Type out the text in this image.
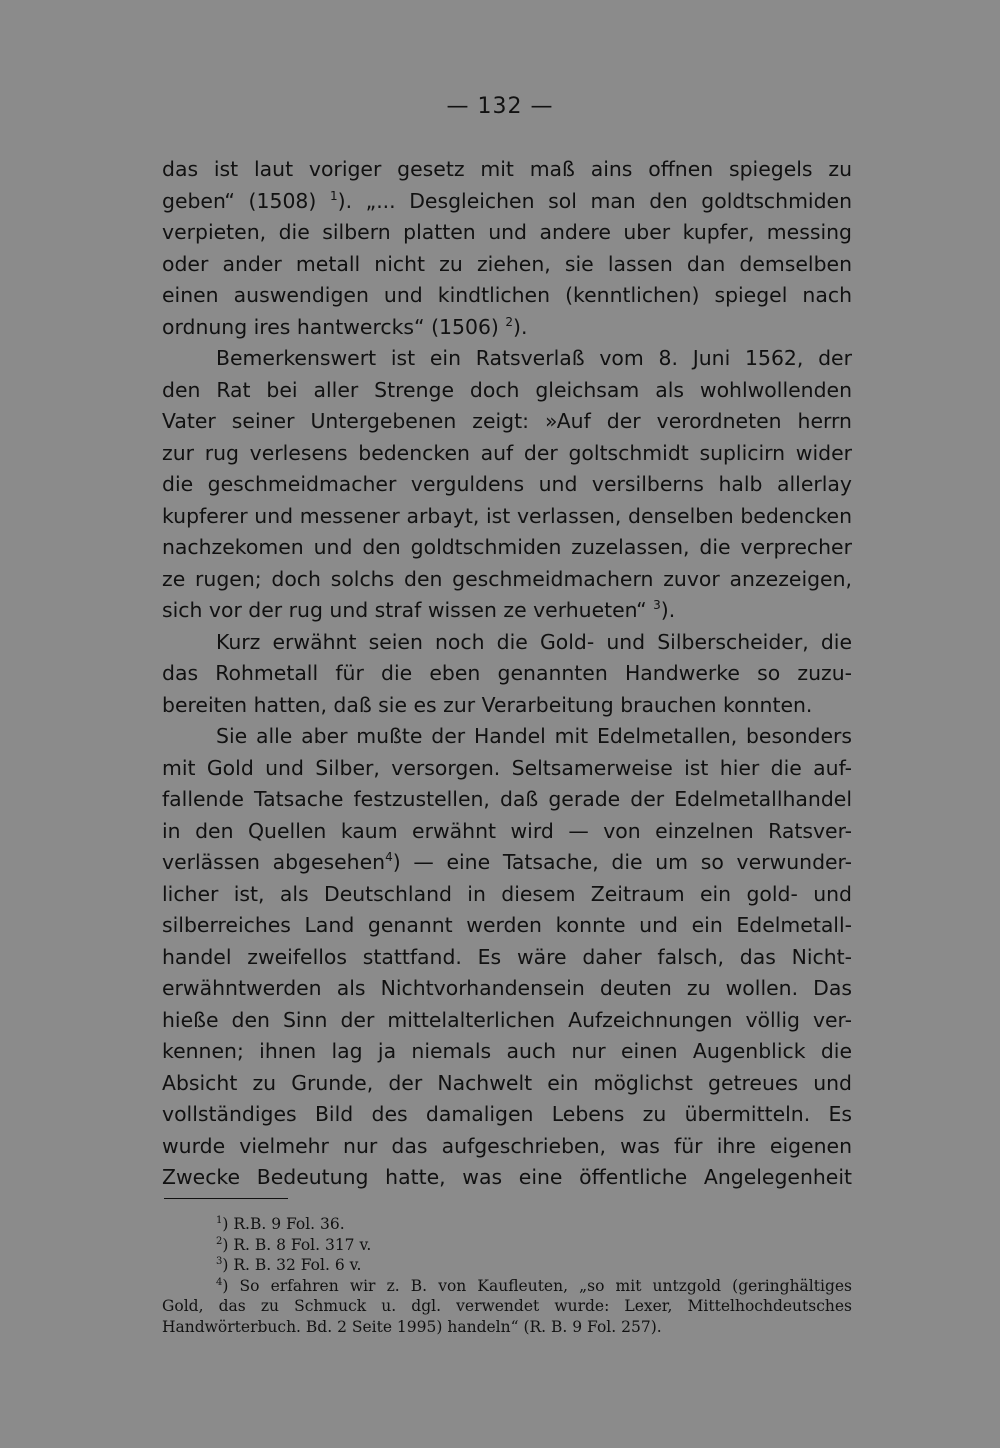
— 132 —
das ist laut voriger gesetz mit maß ains offnen spiegels zu
geben“ (1508) $^1$). „... Desgleichen sol man den goldtschmiden
verpieten, die silbern platten und andere uber kupfer, messing
oder ander metall nicht zu ziehen, sie lassen dan demselben
einen auswendigen und kindtlichen (kenntlichen) spiegel nach
ordnung ires hantwercks“ (1506) $^2$).
Bemerkenswert ist ein Ratsverlaß vom 8. Juni 1562, der
den Rat bei aller Strenge doch gleichsam als wohlwollenden
Vater seiner Untergebenen zeigt: »Auf der verordneten herrn
zur rug verlesens bedencken auf der goltschmidt suplicirn wider
die geschmeidmacher verguldens und versilberns halb allerlay
kupferer und messener arbayt, ist verlassen, denselben bedencken
nachzekomen und den goldtschmiden zuzelassen, die verprecher
ze rugen; doch solchs den geschmeidmachern zuvor anzezeigen,
sich vor der rug und straf wissen ze verhueten“ $^3$).
Kurz erwähnt seien noch die Gold- und Silberscheider, die
das Rohmetall für die eben genannten Handwerke so zuzu-
bereiten hatten, daß sie es zur Verarbeitung brauchen konnten.
Sie alle aber mußte der Handel mit Edelmetallen, besonders
mit Gold und Silber, versorgen. Seltsamerweise ist hier die auf-
fallende Tatsache festzustellen, daß gerade der Edelmetallhandel
in den Quellen kaum erwähnt wird — von einzelnen Ratsver-
verlässen abgesehen$^4$) — eine Tatsache, die um so verwunder-
licher ist, als Deutschland in diesem Zeitraum ein gold- und
silberreiches Land genannt werden konnte und ein Edelmetall-
handel zweifellos stattfand. Es wäre daher falsch, das Nicht-
erwähntwerden als Nichtvorhandensein deuten zu wollen. Das
hieße den Sinn der mittelalterlichen Aufzeichnungen völlig ver-
kennen; ihnen lag ja niemals auch nur einen Augenblick die
Absicht zu Grunde, der Nachwelt ein möglichst getreues und
vollständiges Bild des damaligen Lebens zu übermitteln. Es
wurde vielmehr nur das aufgeschrieben, was für ihre eigenen
Zwecke Bedeutung hatte, was eine öffentliche Angelegenheit
$^1$) R.B. 9 Fol. 36.
$^2$) R. B. 8 Fol. 317 v.
$^3$) R. B. 32 Fol. 6 v.
$^4$) So erfahren wir z. B. von Kaufleuten, „so mit untzgold (geringhältiges
Gold, das zu Schmuck u. dgl. verwendet wurde: Lexer, Mittelhochdeutsches
Handwörterbuch. Bd. 2 Seite 1995) handeln“ (R. B. 9 Fol. 257).
